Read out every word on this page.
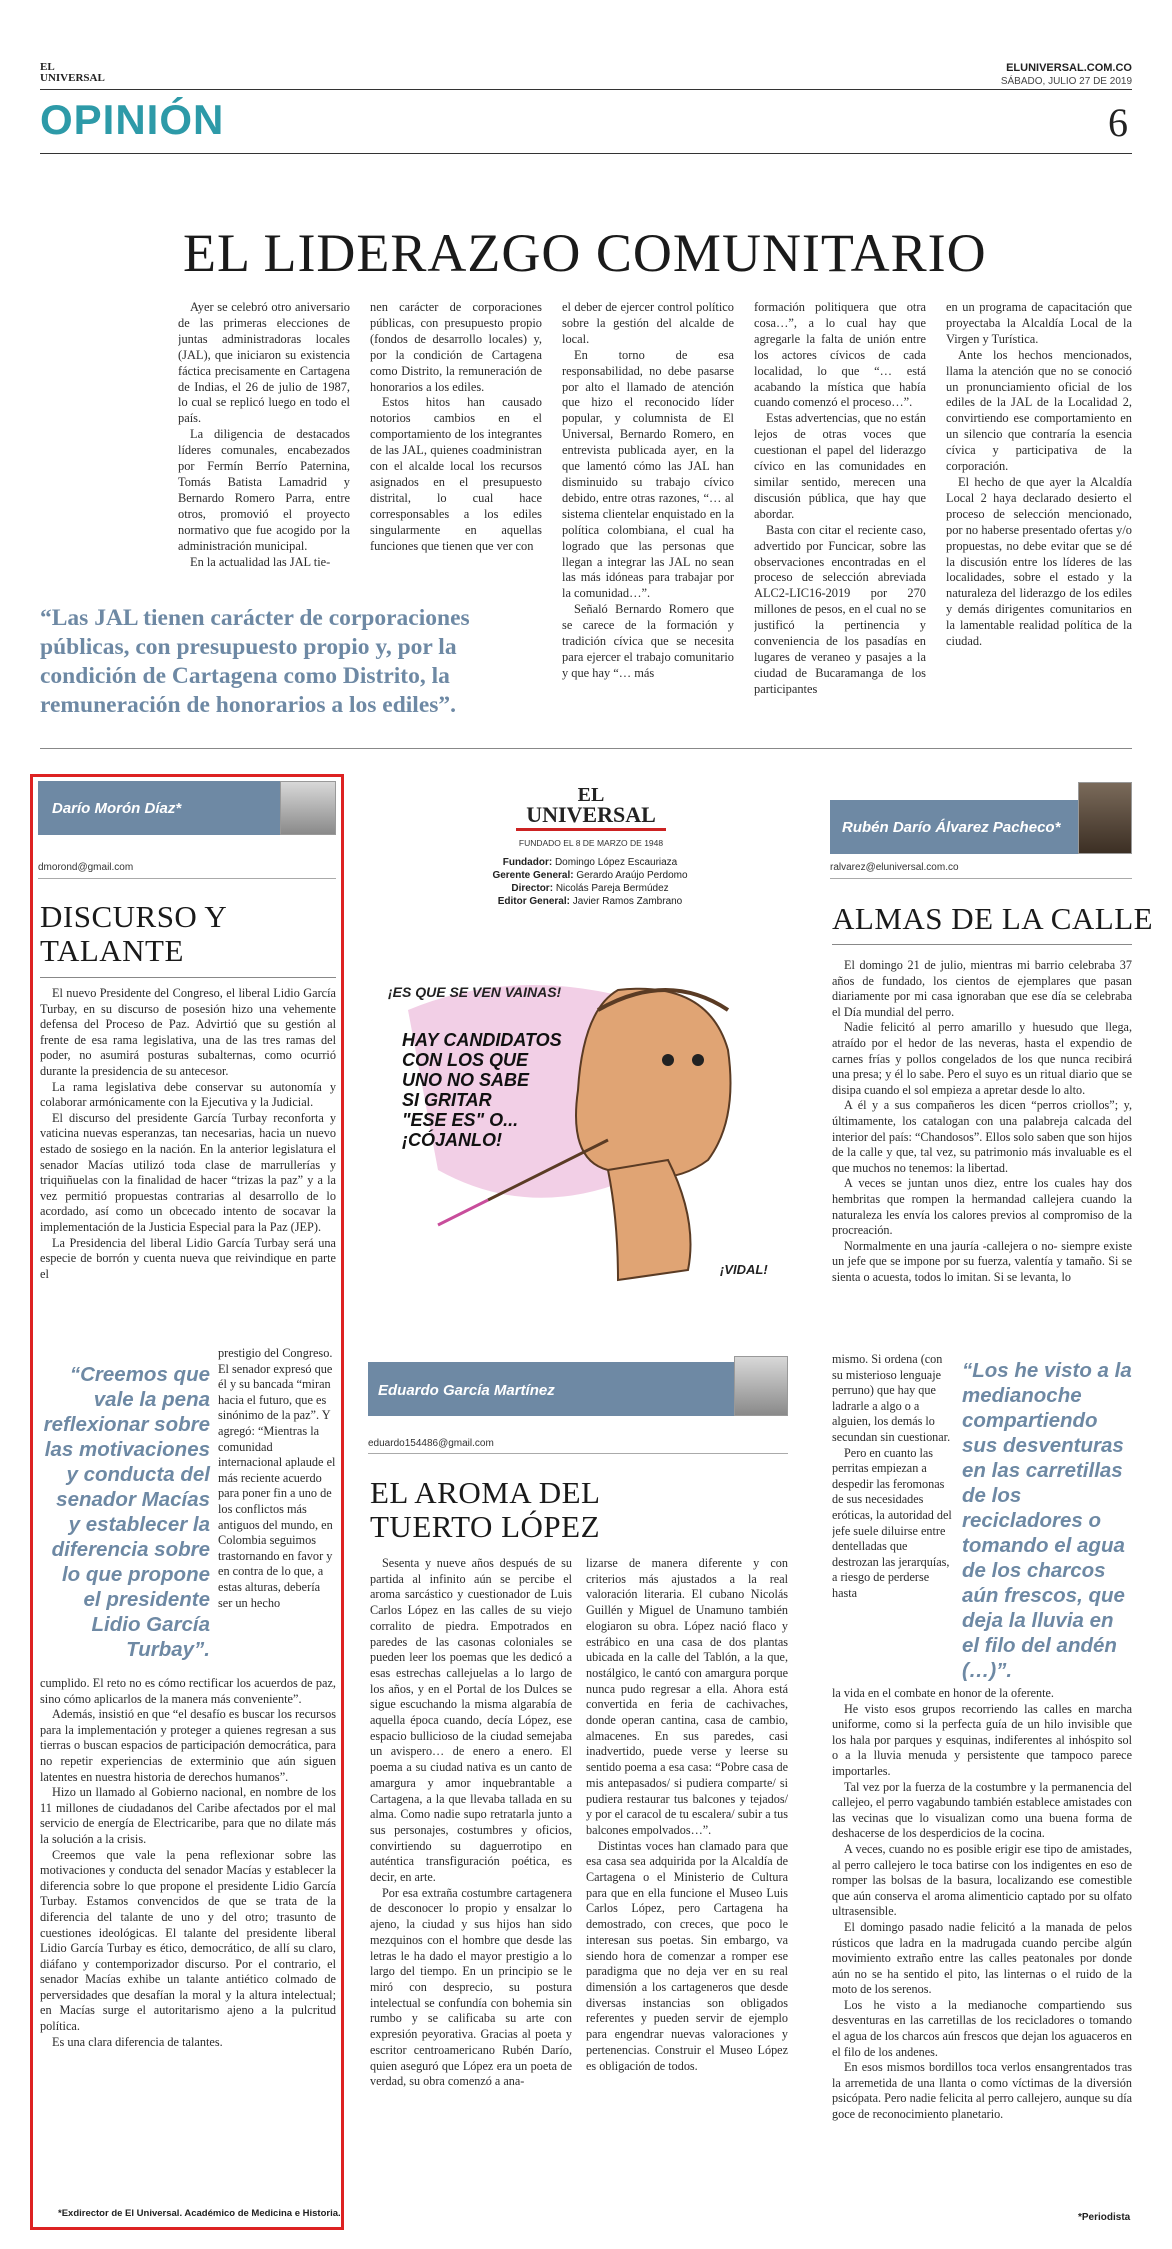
EL
UNIVERSAL
ELUNIVERSAL.COM.CO
SÁBADO, JULIO 27 DE 2019
OPINIÓN	6
EL LIDERAZGO COMUNITARIO

Ayer se celebró otro aniversario de las primeras elecciones de juntas administradoras locales (JAL), que iniciaron su existencia fáctica precisamente en Cartagena de Indias, el 26 de julio de 1987, lo cual se replicó luego en todo el país.

La diligencia de destacados líderes comunales, encabezados por Fermín Berrío Paternina, Tomás Batista Lamadrid y Bernardo Romero Parra, entre otros, promovió el proyecto normativo que fue acogido por la administración municipal.

En la actualidad las JAL tie-

nen carácter de corporaciones públicas, con presupuesto propio (fondos de desarrollo locales) y, por la condición de Cartagena como Distrito, la remuneración de honorarios a los ediles.

Estos hitos han causado notorios cambios en el comportamiento de los integrantes de las JAL, quienes coadministran con el alcalde local los recursos asignados en el presupuesto distrital, lo cual hace corresponsables a los ediles singularmente en aquellas funciones que tienen que ver con

el deber de ejercer control político sobre la gestión del alcalde de local.

En torno de esa responsabilidad, no debe pasarse por alto el llamado de atención que hizo el reconocido líder popular, y columnista de El Universal, Bernardo Romero, en entrevista publicada ayer, en la que lamentó cómo las JAL han disminuido su trabajo cívico debido, entre otras razones, “… al sistema clientelar enquistado en la política colombiana, el cual ha logrado que las personas que llegan a integrar las JAL no sean las más idóneas para trabajar por la comunidad…”.

Señaló Bernardo Romero que se carece de la formación y tradición cívica que se necesita para ejercer el trabajo comunitario y que hay “… más

formación politiquera que otra cosa…”, a lo cual hay que agregarle la falta de unión entre los actores cívicos de cada localidad, lo que “… está acabando la mística que había cuando comenzó el proceso…”.

Estas advertencias, que no están lejos de otras voces que cuestionan el papel del liderazgo cívico en las comunidades en similar sentido, merecen una discusión pública, que hay que abordar.

Basta con citar el reciente caso, advertido por Funcicar, sobre las observaciones encontradas en el proceso de selección abreviada ALC2-LIC16-2019 por 270 millones de pesos, en el cual no se justificó la pertinencia y conveniencia de los pasadías en lugares de veraneo y pasajes a la ciudad de Bucaramanga de los participantes

en un programa de capacitación que proyectaba la Alcaldía Local de la Virgen y Turística.

Ante los hechos mencionados, llama la atención que no se conoció un pronunciamiento oficial de los ediles de la JAL de la Localidad 2, convirtiendo ese comportamiento en un silencio que contraría la esencia cívica y participativa de la corporación.

El hecho de que ayer la Alcaldía Local 2 haya declarado desierto el proceso de selección mencionado, por no haberse presentado ofertas y/o propuestas, no debe evitar que se dé la discusión entre los líderes de las localidades, sobre el estado y la naturaleza del liderazgo de los ediles y demás dirigentes comunitarios en la lamentable realidad política de la ciudad.

“Las JAL tienen carácter de corporaciones públicas, con presupuesto propio y, por la condición de Cartagena como Distrito, la remuneración de honorarios a los ediles”.
Darío Morón Díaz*
dmorond@gmail.com
DISCURSO Y
TALANTE

El nuevo Presidente del Congreso, el liberal Lidio García Turbay, en su discurso de posesión hizo una vehemente defensa del Proceso de Paz. Advirtió que su gestión al frente de esa rama legislativa, una de las tres ramas del poder, no asumirá posturas subalternas, como ocurrió durante la presidencia de su antecesor.

La rama legislativa debe conservar su autonomía y colaborar armónicamente con la Ejecutiva y la Judicial.

El discurso del presidente García Turbay reconforta y vaticina nuevas esperanzas, tan necesarias, hacia un nuevo estado de sosiego en la nación. En la anterior legislatura el senador Macías utilizó toda clase de marrullerías y triquiñuelas con la finalidad de hacer “trizas la paz” y a la vez permitió propuestas contrarias al desarrollo de lo acordado, así como un obcecado intento de socavar la implementación de la Justicia Especial para la Paz (JEP).

La Presidencia del liberal Lidio García Turbay será una especie de borrón y cuenta nueva que reivindique en parte el

“Creemos que vale la pena reflexionar sobre las motivaciones y conducta del senador Macías y establecer la diferencia sobre lo que propone el presidente Lidio García Turbay”.
prestigio del Congreso. El senador expresó que él y su bancada “miran hacia el futuro, que es sinónimo de la paz”. Y agregó: “Mientras la comunidad internacional aplaude el más reciente acuerdo para poner fin a uno de los conflictos más antiguos del mundo, en Colombia seguimos trastornando en favor y en contra de lo que, a estas alturas, debería ser un hecho

cumplido. El reto no es cómo rectificar los acuerdos de paz, sino cómo aplicarlos de la manera más conveniente”.

Además, insistió en que “el desafío es buscar los recursos para la implementación y proteger a quienes regresan a sus tierras o buscan espacios de participación democrática, para no repetir experiencias de exterminio que aún siguen latentes en nuestra historia de derechos humanos”.

Hizo un llamado al Gobierno nacional, en nombre de los 11 millones de ciudadanos del Caribe afectados por el mal servicio de energía de Electricaribe, para que no dilate más la solución a la crisis.

Creemos que vale la pena reflexionar sobre las motivaciones y conducta del senador Macías y establecer la diferencia sobre lo que propone el presidente Lidio García Turbay. Estamos convencidos de que se trata de la diferencia del talante de uno y del otro; trasunto de cuestiones ideológicas. El talante del presidente liberal Lidio García Turbay es ético, democrático, de allí su claro, diáfano y contemporizador discurso. Por el contrario, el senador Macías exhibe un talante antiético colmado de perversidades que desafían la moral y la altura intelectual; en Macías surge el autoritarismo ajeno a la pulcritud política.

Es una clara diferencia de talantes.

*Exdirector de El Universal. Académico de Medicina e Historia.
EL
UNIVERSAL
FUNDADO EL 8 DE MARZO DE 1948
Fundador: Domingo López Escauriaza
Gerente General: Gerardo Araújo Perdomo
Director: Nicolás Pareja Bermúdez
Editor General: Javier Ramos Zambrano
¡ES QUE SE VEN VAINAS!
HAY CANDIDATOS
CON LOS QUE
UNO NO SABE
SI GRITAR
"ESE ES" O...
¡CÓJANLO!
¡VIDAL!
Eduardo García Martínez
eduardo154486@gmail.com
EL AROMA DEL
TUERTO LÓPEZ

Sesenta y nueve años después de su partida al infinito aún se percibe el aroma sarcástico y cuestionador de Luis Carlos López en las calles de su viejo corralito de piedra. Empotrados en paredes de las casonas coloniales se pueden leer los poemas que les dedicó a esas estrechas callejuelas a lo largo de los años, y en el Portal de los Dulces se sigue escuchando la misma algarabía de aquella época cuando, decía López, ese espacio bullicioso de la ciudad semejaba un avispero… de enero a enero. El poema a su ciudad nativa es un canto de amargura y amor inquebrantable a Cartagena, a la que llevaba tallada en su alma. Como nadie supo retratarla junto a sus personajes, costumbres y oficios, convirtiendo su daguerrotipo en auténtica transfiguración poética, es decir, en arte.

Por esa extraña costumbre cartagenera de desconocer lo propio y ensalzar lo ajeno, la ciudad y sus hijos han sido mezquinos con el hombre que desde las letras le ha dado el mayor prestigio a lo largo del tiempo. En un principio se le miró con desprecio, su postura intelectual se confundía con bohemia sin rumbo y se calificaba su arte con expresión peyorativa. Gracias al poeta y escritor centroamericano Rubén Darío, quien aseguró que López era un poeta de verdad, su obra comenzó a ana-

lizarse de manera diferente y con criterios más ajustados a la real valoración literaria. El cubano Nicolás Guillén y Miguel de Unamuno también elogiaron su obra. López nació flaco y estrábico en una casa de dos plantas ubicada en la calle del Tablón, a la que, nostálgico, le cantó con amargura porque nunca pudo regresar a ella. Ahora está convertida en feria de cachivaches, donde operan cantina, casa de cambio, almacenes. En sus paredes, casi inadvertido, puede verse y leerse su sentido poema a esa casa: “Pobre casa de mis antepasados/ si pudiera comparte/ si pudiera restaurar tus balcones y tejados/ y por el caracol de tu escalera/ subir a tus balcones empolvados…”.

Distintas voces han clamado para que esa casa sea adquirida por la Alcaldía de Cartagena o el Ministerio de Cultura para que en ella funcione el Museo Luis Carlos López, pero Cartagena ha demostrado, con creces, que poco le interesan sus poetas. Sin embargo, va siendo hora de comenzar a romper ese paradigma que no deja ver en su real dimensión a los cartageneros que desde diversas instancias son obligados referentes y pueden servir de ejemplo para engendrar nuevas valoraciones y pertenencias. Construir el Museo López es obligación de todos.

Rubén Darío Álvarez Pacheco*
ralvarez@eluniversal.com.co
ALMAS DE LA CALLE

El domingo 21 de julio, mientras mi barrio celebraba 37 años de fundado, los cientos de ejemplares que pasan diariamente por mi casa ignoraban que ese día se celebraba el Día mundial del perro.

Nadie felicitó al perro amarillo y huesudo que llega, atraído por el hedor de las neveras, hasta el expendio de carnes frías y pollos congelados de los que nunca recibirá una presa; y él lo sabe. Pero el suyo es un ritual diario que se disipa cuando el sol empieza a apretar desde lo alto.

A él y a sus compañeros les dicen “perros criollos”; y, últimamente, los catalogan con una palabreja calcada del interior del país: “Chandosos”. Ellos solo saben que son hijos de la calle y que, tal vez, su patrimonio más invaluable es el que muchos no tenemos: la libertad.

A veces se juntan unos diez, entre los cuales hay dos hembritas que rompen la hermandad callejera cuando la naturaleza les envía los calores previos al compromiso de la procreación.

Normalmente en una jauría -callejera o no- siempre existe un jefe que se impone por su fuerza, valentía y tamaño. Si se sienta o acuesta, todos lo imitan. Si se levanta, lo

mismo. Si ordena (con su misterioso lenguaje perruno) que hay que ladrarle a algo o a alguien, los demás lo secundan sin cuestionar.

Pero en cuanto las perritas empiezan a despedir las feromonas de sus necesidades eróticas, la autoridad del jefe suele diluirse entre dentelladas que destrozan las jerarquías, a riesgo de perderse hasta

“Los he visto a la medianoche compartiendo sus desventuras en las carretillas de los recicladores o tomando el agua de los charcos aún frescos, que deja la lluvia en el filo del andén (…)”.

la vida en el combate en honor de la oferente.

He visto esos grupos recorriendo las calles en marcha uniforme, como si la perfecta guía de un hilo invisible que los hala por parques y esquinas, indiferentes al inhóspito sol o a la lluvia menuda y persistente que tampoco parece importarles.

Tal vez por la fuerza de la costumbre y la permanencia del callejeo, el perro vagabundo también establece amistades con las vecinas que lo visualizan como una buena forma de deshacerse de los desperdicios de la cocina.

A veces, cuando no es posible erigir ese tipo de amistades, al perro callejero le toca batirse con los indigentes en eso de romper las bolsas de la basura, localizando ese comestible que aún conserva el aroma alimenticio captado por su olfato ultrasensible.

El domingo pasado nadie felicitó a la manada de pelos rústicos que ladra en la madrugada cuando percibe algún movimiento extraño entre las calles peatonales por donde aún no se ha sentido el pito, las linternas o el ruido de la moto de los serenos.

Los he visto a la medianoche compartiendo sus desventuras en las carretillas de los recicladores o tomando el agua de los charcos aún frescos que dejan los aguaceros en el filo de los andenes.

En esos mismos bordillos toca verlos ensangrentados tras la arremetida de una llanta o como víctimas de la diversión psicópata. Pero nadie felicita al perro callejero, aunque su día goce de reconocimiento planetario.

*Periodista
